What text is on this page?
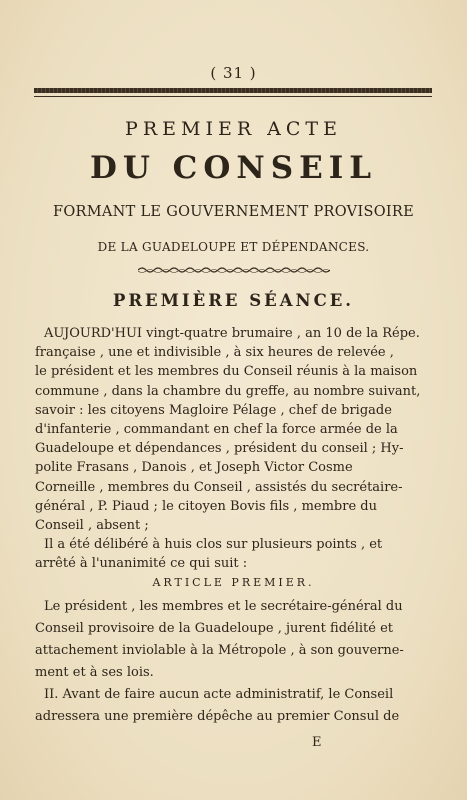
( 31 )
PREMIER ACTE
DU CONSEIL
FORMANT LE GOUVERNEMENT PROVISOIRE
DE LA GUADELOUPE ET DÉPENDANCES.
PREMIÈRE SÉANCE.
AUJOURD'HUI vingt-quatre brumaire , an 10 de la Répe.
française , une et indivisible , à six heures de relevée ,
le président et les membres du Conseil réunis à la maison
commune , dans la chambre du greffe, au nombre suivant,
savoir : les citoyens Magloire Pélage , chef de brigade
d'infanterie , commandant en chef la force armée de la
Guadeloupe et dépendances , président du conseil ; Hy-
polite Frasans , Danois , et Joseph Victor Cosme
Corneille , membres du Conseil , assistés du secrétaire-
général , P. Piaud ; le citoyen Bovis fils , membre du
Conseil , absent ;
Il a été délibéré à huis clos sur plusieurs points , et
arrêté à l'unanimité ce qui suit :
ARTICLE PREMIER.
Le président , les membres et le secrétaire-général du
Conseil provisoire de la Guadeloupe , jurent fidélité et
attachement inviolable à la Métropole , à son gouverne-
ment et à ses lois.
II. Avant de faire aucun acte administratif, le Conseil
adressera une première dépêche au premier Consul de
E
